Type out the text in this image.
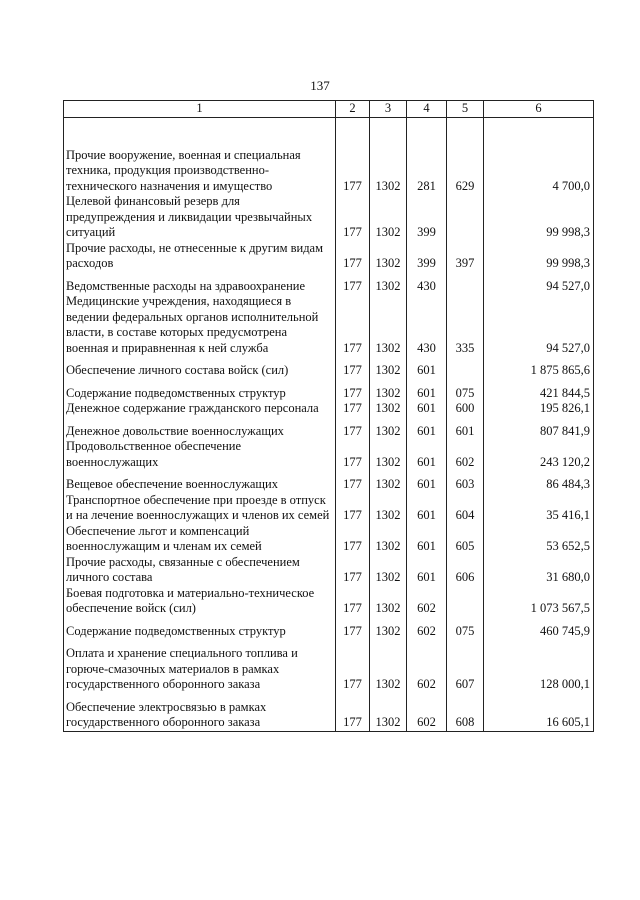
137
1	2	3	4	5	6

Прочие вооружение, военная и специальная техника, продукция производственно-технического назначения и имущество	177	1302	281	629	4 700,0
Целевой финансовый резерв для предупреждения и ликвидации чрезвычайных ситуаций	177	1302	399		99 998,3
Прочие расходы, не отнесенные к другим видам расходов	177	1302	399	397	99 998,3

Ведомственные расходы на здравоохранение	177	1302	430		94 527,0
Медицинские учреждения, находящиеся в ведении федеральных органов исполнительной власти, в составе которых предусмотрена военная и приравненная к ней служба	177	1302	430	335	94 527,0

Обеспечение личного состава войск (сил)	177	1302	601		1 875 865,6

Содержание подведомственных структур	177	1302	601	075	421 844,5
Денежное содержание гражданского персонала	177	1302	601	600	195 826,1

Денежное довольствие военнослужащих	177	1302	601	601	807 841,9
Продовольственное обеспечение военнослужащих	177	1302	601	602	243 120,2

Вещевое обеспечение военнослужащих	177	1302	601	603	86 484,3
Транспортное обеспечение при проезде в отпуск и на лечение военнослужащих и членов их семей	177	1302	601	604	35 416,1
Обеспечение льгот и компенсаций военнослужащим и членам их семей	177	1302	601	605	53 652,5
Прочие расходы, связанные с обеспечением личного состава	177	1302	601	606	31 680,0
Боевая подготовка и материально-техническое обеспечение войск (сил)	177	1302	602		1 073 567,5

Содержание подведомственных структур	177	1302	602	075	460 745,9

Оплата и хранение специального топлива и горюче-смазочных материалов в рамках государственного оборонного заказа	177	1302	602	607	128 000,1

Обеспечение электросвязью в рамках государственного оборонного заказа	177	1302	602	608	16 605,1
